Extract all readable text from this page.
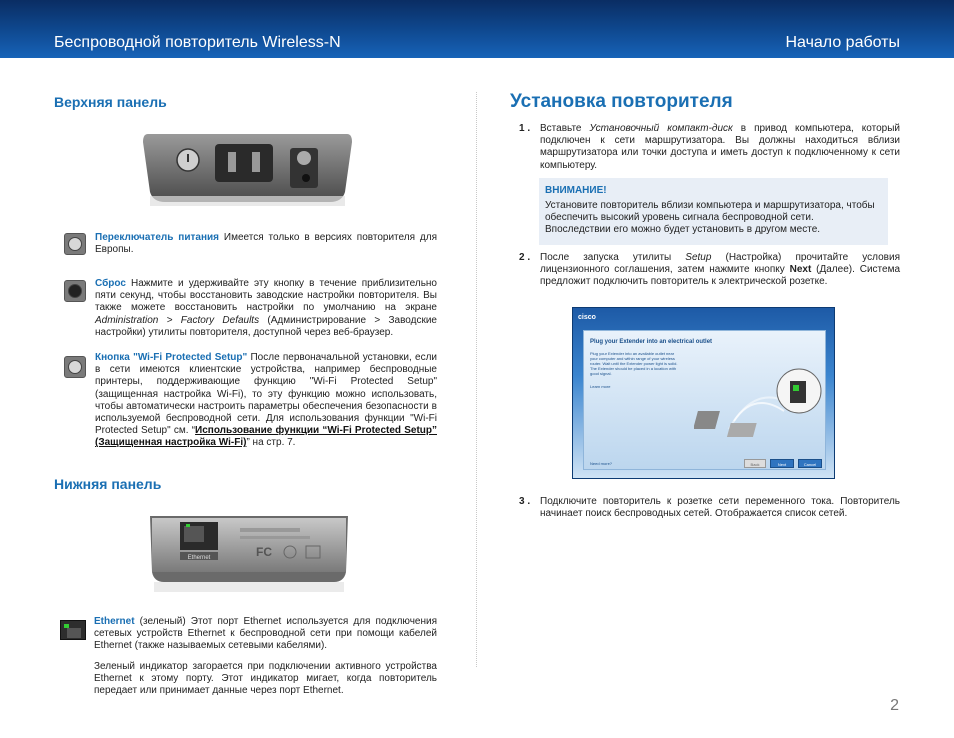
Беспроводной повторитель Wireless-N	Начало работы
Верхняя панель
Переключатель питания Имеется только в версиях повторителя для Европы.
Сброс Нажмите и удерживайте эту кнопку в течение приблизительно пяти секунд, чтобы восстановить заводские настройки повторителя. Вы также можете восстановить настройки по умолчанию на экране Administration > Factory Defaults (Администрирование > Заводские настройки) утилиты повторителя, доступной через веб-браузер.
Кнопка "Wi-Fi Protected Setup" После первоначальной установки, если в сети имеются клиентские устройства, например беспроводные принтеры, поддерживающие функцию "Wi-Fi Protected Setup" (защищенная настройка Wi-Fi), то эту функцию можно использовать, чтобы автоматически настроить параметры обеспечения безопасности в используемой беспроводной сети. Для использования функции "Wi-Fi Protected Setup" см. “Использование функции “Wi-Fi Protected Setup” (Защищенная настройка Wi-Fi)” на стр. 7.
Нижняя панель
Ethernet	FC
Ethernet (зеленый) Этот порт Ethernet используется для подключения сетевых устройств Ethernet к беспроводной сети при помощи кабелей Ethernet (также называемых сетевыми кабелями).
Зеленый индикатор загорается при подключении активного устройства Ethernet к этому порту. Этот индикатор мигает, когда повторитель передает или принимает данные через порт Ethernet.
Установка повторителя
1 . Вставьте Установочный компакт-диск в привод компьютера, который подключен к сети маршрутизатора. Вы должны находиться вблизи маршрутизатора или точки доступа и иметь доступ к подключенному к сети компьютеру.
ВНИМАНИЕ!
Установите повторитель вблизи компьютера и маршрутизатора, чтобы обеспечить высокий уровень сигнала беспроводной сети. Впоследствии его можно будет установить в другом месте.
2 . После запуска утилиты Setup (Настройка) прочитайте условия лицензионного соглашения, затем нажмите кнопку Next (Далее). Система предложит подключить повторитель к электрической розетке.
cisco
Plug your Extender into an electrical outlet
Plug your Extender into an available outlet near your computer and within range of your wireless router. Wait until the Extender power light is solid. The Extender should be placed in a location with good signal.
Learn more
Need more?	Back	Next	Cancel
3 . Подключите повторитель к розетке сети переменного тока. Повторитель начинает поиск беспроводных сетей. Отображается список сетей.
2
